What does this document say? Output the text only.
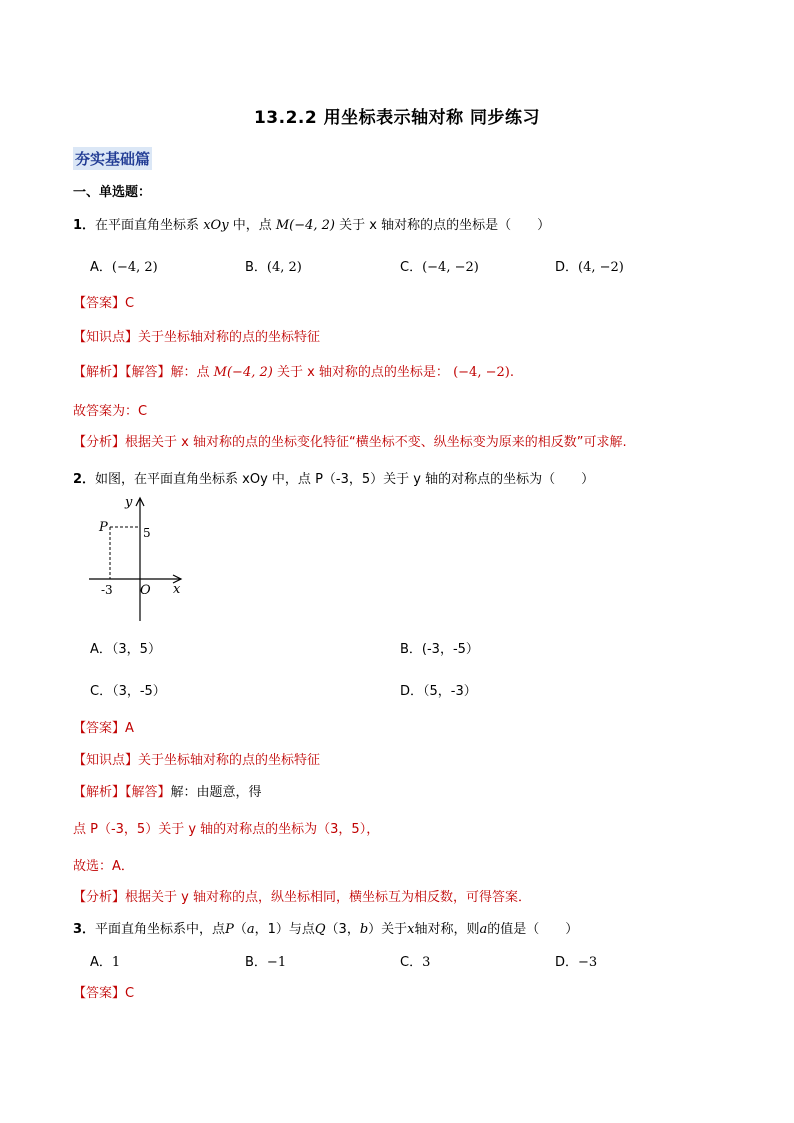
13.2.2 用坐标表示轴对称 同步练习
夯实基础篇
一、单选题：
1．在平面直角坐标系 xOy 中，点 M(−4, 2) 关于 x 轴对称的点的坐标是（　　）
A．(−4, 2)	B．(4, 2)	C．(−4, −2)	D．(4, −2)
【答案】C
【知识点】关于坐标轴对称的点的坐标特征
【解析】【解答】解：点 M(−4, 2) 关于 x 轴对称的点的坐标是： (−4, −2).
故答案为：C
【分析】根据关于 x 轴对称的点的坐标变化特征“横坐标不变、纵坐标变为原来的相反数”可求解.
2．如图，在平面直角坐标系 xOy 中，点 P（-3，5）关于 y 轴的对称点的坐标为（　　）
y
P	5
-3 O x
A．（3，5）	B．(-3，-5）
C．（3，-5）	D．（5，-3）
【答案】A
【知识点】关于坐标轴对称的点的坐标特征
【解析】【解答】解：由题意，得
点 P（-3，5）关于 y 轴的对称点的坐标为（3，5），
故选：A．
【分析】根据关于 y 轴对称的点，纵坐标相同，横坐标互为相反数，可得答案．
3．平面直角坐标系中，点P（a，1）与点Q（3，b）关于x轴对称，则a的值是（　　）
A．1	B．−1	C．3	D．−3
【答案】C
